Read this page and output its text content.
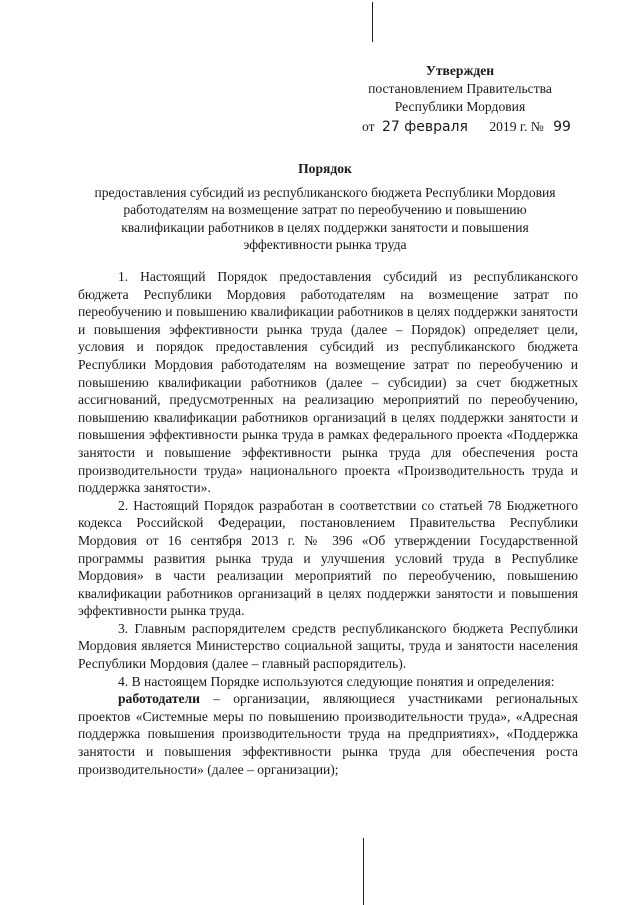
Утвержден
постановлением Правительства
Республики Мордовия
от 27 февраля 2019 г. № 99
Порядок
предоставления субсидий из республиканского бюджета Республики Мордовия работодателям на возмещение затрат по переобучению и повышению квалификации работников в целях поддержки занятости и повышения эффективности рынка труда

1. Настоящий Порядок предоставления субсидий из республиканского бюджета Республики Мордовия работодателям на возмещение затрат по переобучению и повышению квалификации работников в целях поддержки занятости и повышения эффективности рынка труда (далее – Порядок) определяет цели, условия и порядок предоставления субсидий из республиканского бюджета Республики Мордовия работодателям на возмещение затрат по переобучению и повышению квалификации работников (далее – субсидии) за счет бюджетных ассигнований, предусмотренных на реализацию мероприятий по переобучению, повышению квалификации работников организаций в целях поддержки занятости и повышения эффективности рынка труда в рамках федерального проекта «Поддержка занятости и повышение эффективности рынка труда для обеспечения роста производительности труда» национального проекта «Производительность труда и поддержка занятости».

2. Настоящий Порядок разработан в соответствии со статьей 78 Бюджетного кодекса Российской Федерации, постановлением Правительства Республики Мордовия от 16 сентября 2013 г. № 396 «Об утверждении Государственной программы развития рынка труда и улучшения условий труда в Республике Мордовия» в части реализации мероприятий по переобучению, повышению квалификации работников организаций в целях поддержки занятости и повышения эффективности рынка труда.

3. Главным распорядителем средств республиканского бюджета Республики Мордовия является Министерство социальной защиты, труда и занятости населения Республики Мордовия (далее – главный распорядитель).

4. В настоящем Порядке используются следующие понятия и определения:

работодатели – организации, являющиеся участниками региональных проектов «Системные меры по повышению производительности труда», «Адресная поддержка повышения производительности труда на предприятиях», «Поддержка занятости и повышения эффективности рынка труда для обеспечения роста производительности» (далее – организации);
